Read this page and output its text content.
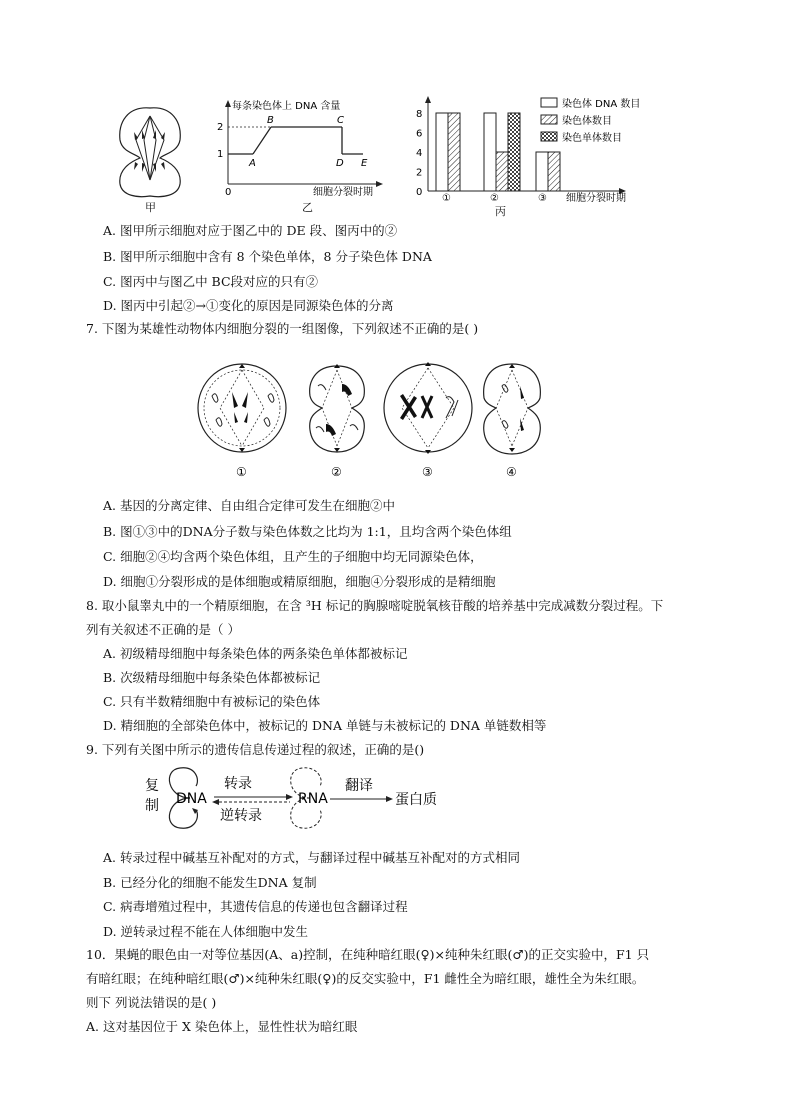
甲
每条染色体上 DNA 含量
2
1
0
A
B	C
D E
细胞分裂时期
乙
8
6
4
2
0
①	②	③ 细胞分裂时期
染色体 DNA 数目
染色体数目
染色单体数目
丙
A. 图甲所示细胞对应于图乙中的 DE 段、图丙中的②
B. 图甲所示细胞中含有 8 个染色单体，8 分子染色体 DNA
C. 图丙中与图乙中 BC段对应的只有②
D. 图丙中引起②→①变化的原因是同源染色体的分离
7. 下图为某雄性动物体内细胞分裂的一组图像，下列叙述不正确的是( )
①	②	③	④
A. 基因的分离定律、自由组合定律可发生在细胞②中
B. 图①③中的DNA分子数与染色体数之比均为 1:1，且均含两个染色体组
C. 细胞②④均含两个染色体组，且产生的子细胞中均无同源染色体，
D. 细胞①分裂形成的是体细胞或精原细胞，细胞④分裂形成的是精细胞
8. 取小鼠睾丸中的一个精原细胞，在含 ³H 标记的胸腺嘧啶脱氧核苷酸的培养基中完成减数分裂过程。下
列有关叙述不正确的是（ ）
A. 初级精母细胞中每条染色体的两条染色单体都被标记
B. 次级精母细胞中每条染色体都被标记
C. 只有半数精细胞中有被标记的染色体
D. 精细胞的全部染色体中，被标记的 DNA 单链与未被标记的 DNA 单链数相等
9. 下列有关图中所示的遗传信息传递过程的叙述，正确的是()
复
制 DNA
转录
逆转录
RNA
翻译
蛋白质
A. 转录过程中碱基互补配对的方式，与翻译过程中碱基互补配对的方式相同
B. 已经分化的细胞不能发生DNA 复制
C. 病毒增殖过程中，其遗传信息的传递也包含翻译过程
D. 逆转录过程不能在人体细胞中发生
10．果蝇的眼色由一对等位基因(A、a)控制，在纯种暗红眼(♀)×纯种朱红眼(♂)的正交实验中，F1 只
有暗红眼；在纯种暗红眼(♂)×纯种朱红眼(♀)的反交实验中，F1 雌性全为暗红眼，雄性全为朱红眼。
则下 列说法错误的是( )
A. 这对基因位于 X 染色体上，显性性状为暗红眼
